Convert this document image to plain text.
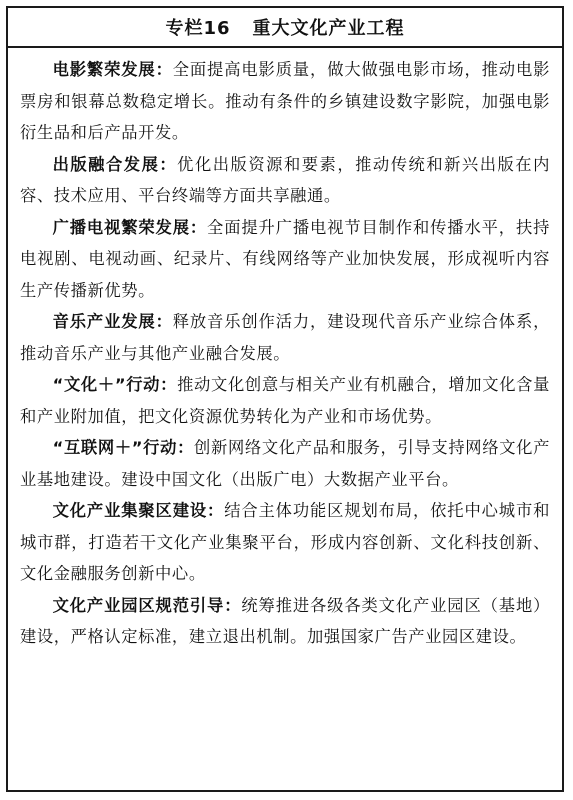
专栏16 重大文化产业工程

电影繁荣发展：全面提高电影质量，做大做强电影市场，推动电影票房和银幕总数稳定增长。推动有条件的乡镇建设数字影院，加强电影衍生品和后产品开发。

出版融合发展：优化出版资源和要素，推动传统和新兴出版在内容、技术应用、平台终端等方面共享融通。

广播电视繁荣发展：全面提升广播电视节目制作和传播水平，扶持电视剧、电视动画、纪录片、有线网络等产业加快发展，形成视听内容生产传播新优势。

音乐产业发展：释放音乐创作活力，建设现代音乐产业综合体系，推动音乐产业与其他产业融合发展。

“文化＋”行动：推动文化创意与相关产业有机融合，增加文化含量和产业附加值，把文化资源优势转化为产业和市场优势。

“互联网＋”行动：创新网络文化产品和服务，引导支持网络文化产业基地建设。建设中国文化（出版广电）大数据产业平台。

文化产业集聚区建设：结合主体功能区规划布局，依托中心城市和城市群，打造若干文化产业集聚平台，形成内容创新、文化科技创新、文化金融服务创新中心。

文化产业园区规范引导：统筹推进各级各类文化产业园区（基地）建设，严格认定标准，建立退出机制。加强国家广告产业园区建设。
